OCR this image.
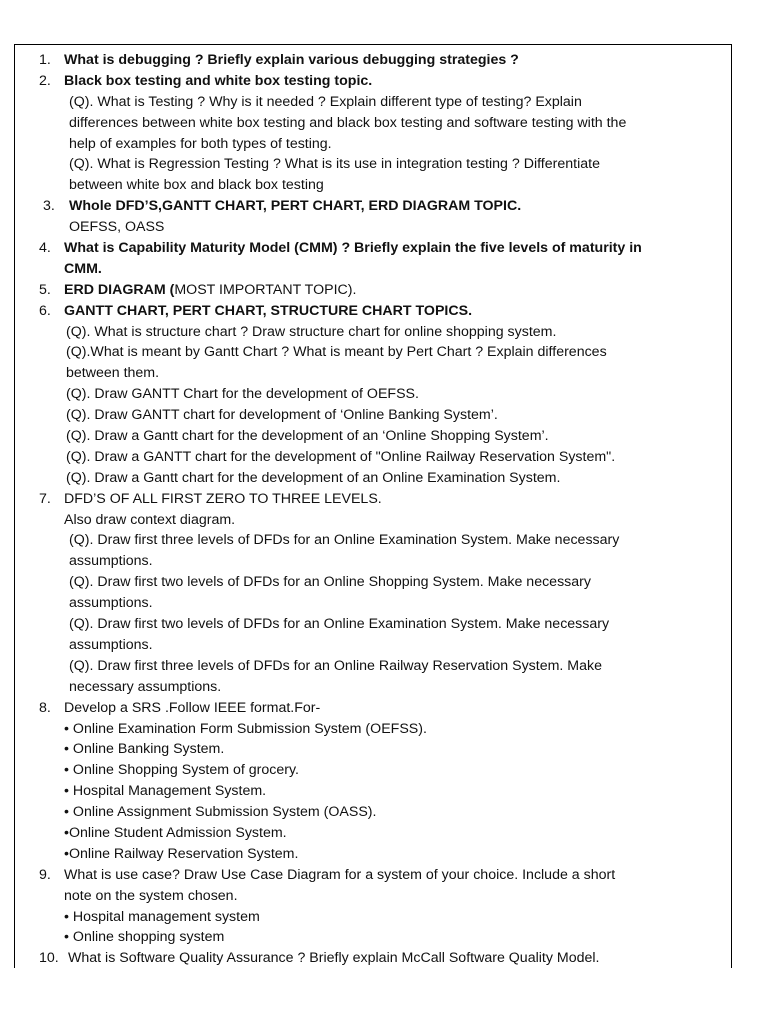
1. What is debugging ? Briefly explain various debugging strategies ?
2. Black box testing and white box testing topic.
(Q). What is Testing ? Why is it needed ? Explain different type of testing? Explain
differences between white box testing and black box testing and software testing with the
help of examples for both types of testing.
(Q). What is Regression Testing ? What is its use in integration testing ? Differentiate
between white box and black box testing
3. Whole DFD’S,GANTT CHART, PERT CHART, ERD DIAGRAM TOPIC.
OEFSS, OASS
4. What is Capability Maturity Model (CMM) ? Briefly explain the five levels of maturity in
CMM.
5. ERD DIAGRAM (MOST IMPORTANT TOPIC).
6. GANTT CHART, PERT CHART, STRUCTURE CHART TOPICS.
(Q). What is structure chart ? Draw structure chart for online shopping system.
(Q).What is meant by Gantt Chart ? What is meant by Pert Chart ? Explain differences
between them.
(Q). Draw GANTT Chart for the development of OEFSS.
(Q). Draw GANTT chart for development of ‘Online Banking System’.
(Q). Draw a Gantt chart for the development of an ‘Online Shopping System’.
(Q). Draw a GANTT chart for the development of "Online Railway Reservation System".
(Q). Draw a Gantt chart for the development of an Online Examination System.
7. DFD’S OF ALL FIRST ZERO TO THREE LEVELS.
Also draw context diagram.
(Q). Draw first three levels of DFDs for an Online Examination System. Make necessary
assumptions.
(Q). Draw first two levels of DFDs for an Online Shopping System. Make necessary
assumptions.
(Q). Draw first two levels of DFDs for an Online Examination System. Make necessary
assumptions.
(Q). Draw first three levels of DFDs for an Online Railway Reservation System. Make
necessary assumptions.
8. Develop a SRS .Follow IEEE format.For-
• Online Examination Form Submission System (OEFSS).
• Online Banking System.
• Online Shopping System of grocery.
• Hospital Management System.
• Online Assignment Submission System (OASS).
•Online Student Admission System.
•Online Railway Reservation System.
9. What is use case? Draw Use Case Diagram for a system of your choice. Include a short
note on the system chosen.
• Hospital management system
• Online shopping system
10. What is Software Quality Assurance ? Briefly explain McCall Software Quality Model.
